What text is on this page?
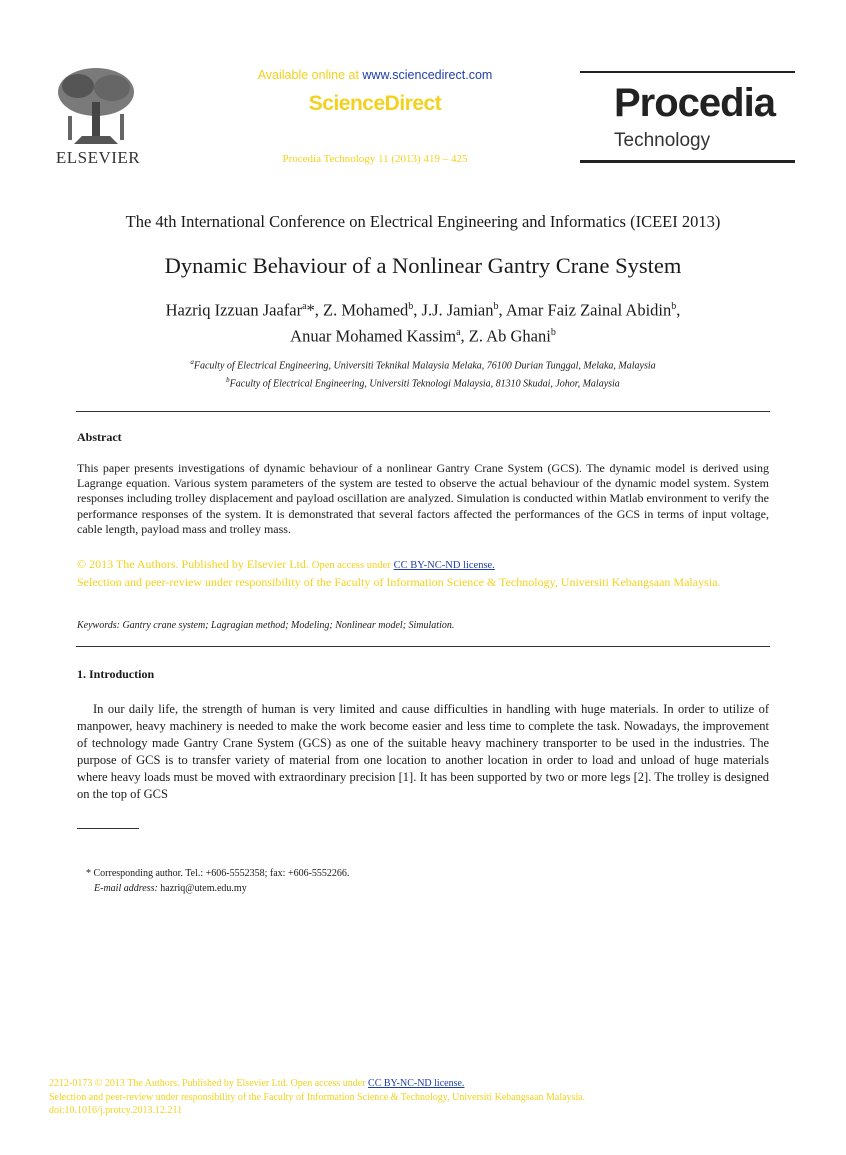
ELSEVIER
Available online at www.sciencedirect.com
ScienceDirect
Procedia Technology 11 (2013) 419 – 425
Procedia
Technology
The 4th International Conference on Electrical Engineering and Informatics (ICEEI 2013)
Dynamic Behaviour of a Nonlinear Gantry Crane System
Hazriq Izzuan Jaafar$^a$*, Z. Mohamed$^b$, J.J. Jamian$^b$, Amar Faiz Zainal Abidin$^b$,
Anuar Mohamed Kassim$^a$, Z. Ab Ghani$^b$
$^a$Faculty of Electrical Engineering, Universiti Teknikal Malaysia Melaka, 76100 Durian Tunggal, Melaka, Malaysia
$^b$Faculty of Electrical Engineering, Universiti Teknologi Malaysia, 81310 Skudai, Johor, Malaysia
Abstract
This paper presents investigations of dynamic behaviour of a nonlinear Gantry Crane System (GCS). The dynamic model is derived using Lagrange equation. Various system parameters of the system are tested to observe the actual behaviour of the dynamic model system. System responses including trolley displacement and payload oscillation are analyzed. Simulation is conducted within Matlab environment to verify the performance responses of the system. It is demonstrated that several factors affected the performances of the GCS in terms of input voltage, cable length, payload mass and trolley mass.
© 2013 The Authors. Published by Elsevier Ltd. Open access under CC BY-NC-ND license.
Selection and peer-review under responsibility of the Faculty of Information Science & Technology, Universiti Kebangsaan Malaysia.
Keywords: Gantry crane system; Lagragian method; Modeling; Nonlinear model; Simulation.
1. Introduction
In our daily life, the strength of human is very limited and cause difficulties in handling with huge materials. In order to utilize of manpower, heavy machinery is needed to make the work become easier and less time to complete the task. Nowadays, the improvement of technology made Gantry Crane System (GCS) as one of the suitable heavy machinery transporter to be used in the industries. The purpose of GCS is to transfer variety of material from one location to another location in order to load and unload of huge materials where heavy loads must be moved with extraordinary precision [1]. It has been supported by two or more legs [2]. The trolley is designed on the top of GCS
* Corresponding author. Tel.: +606-5552358; fax: +606-5552266.
E-mail address: hazriq@utem.edu.my
2212-0173 © 2013 The Authors. Published by Elsevier Ltd. Open access under CC BY-NC-ND license.
Selection and peer-review under responsibility of the Faculty of Information Science & Technology, Universiti Kebangsaan Malaysia.
doi:10.1016/j.protcy.2013.12.211
